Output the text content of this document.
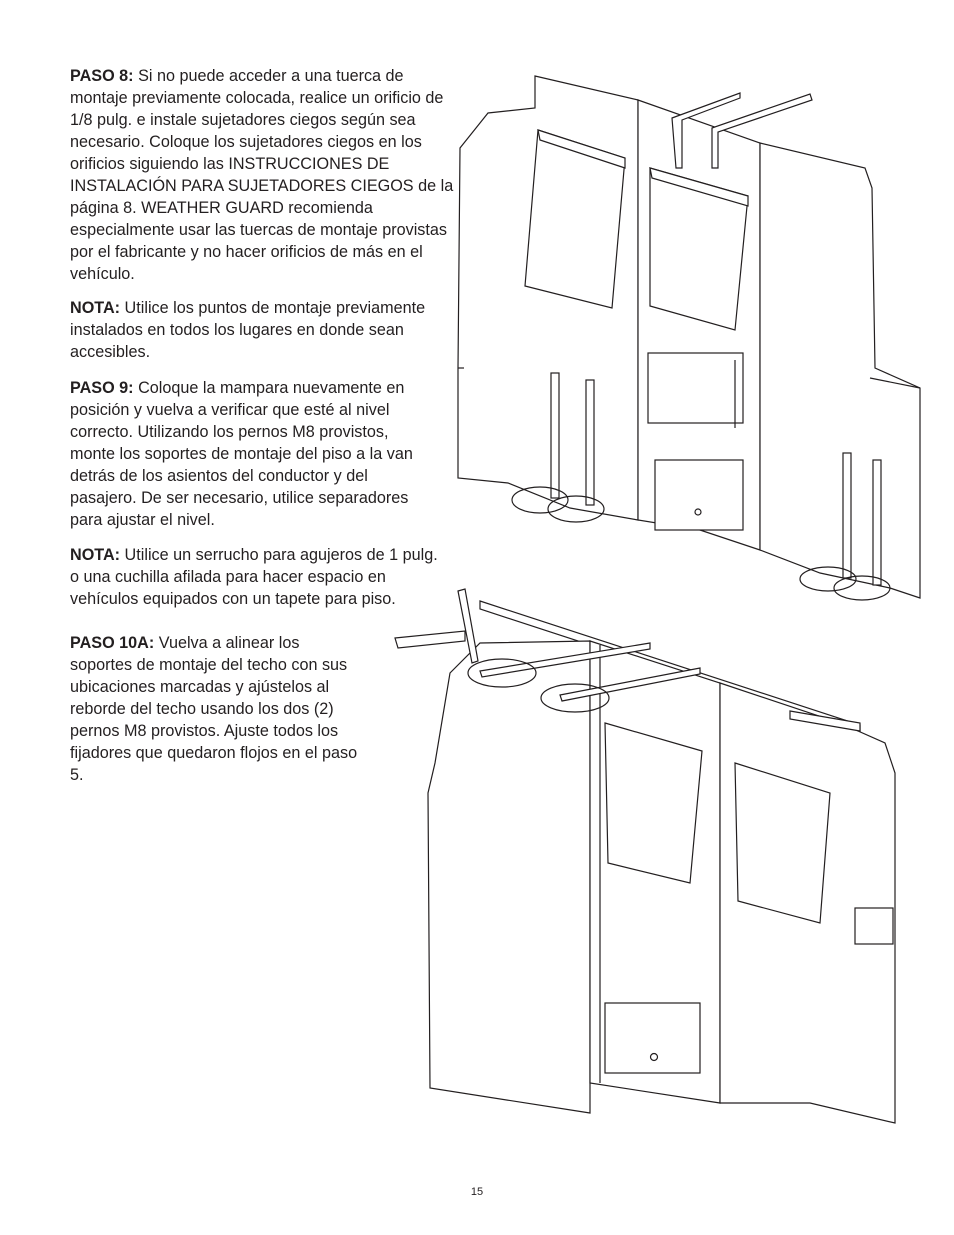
PASO 8: Si no puede acceder a una tuerca de montaje previamente colocada, realice un orificio de 1/8 pulg. e instale sujetadores ciegos según sea necesario. Coloque los sujetadores ciegos en los orificios siguiendo las INSTRUCCIONES DE INSTALACIÓN PARA SUJETADORES CIEGOS de la página 8. WEATHER GUARD recomienda especialmente usar las tuercas de montaje provistas por el fabricante y no hacer orificios de más en el vehículo.

NOTA: Utilice los puntos de montaje previamente instalados en todos los lugares en donde sean accesibles.

PASO 9: Coloque la mampara nuevamente en posición y vuelva a verificar que esté al nivel correcto. Utilizando los pernos M8 provistos, monte los soportes de montaje del piso a la van detrás de los asientos del conductor y del pasajero. De ser necesario, utilice separadores para ajustar el nivel.

NOTA: Utilice un serrucho para agujeros de 1 pulg. o una cuchilla afilada para hacer espacio en vehículos equipados con un tapete para piso.

PASO 10A: Vuelva a alinear los soportes de montaje del techo con sus ubicaciones marcadas y ajústelos al reborde del techo usando los dos (2) pernos M8 provistos. Ajuste todos los fijadores que quedaron flojos en el paso 5.

15
